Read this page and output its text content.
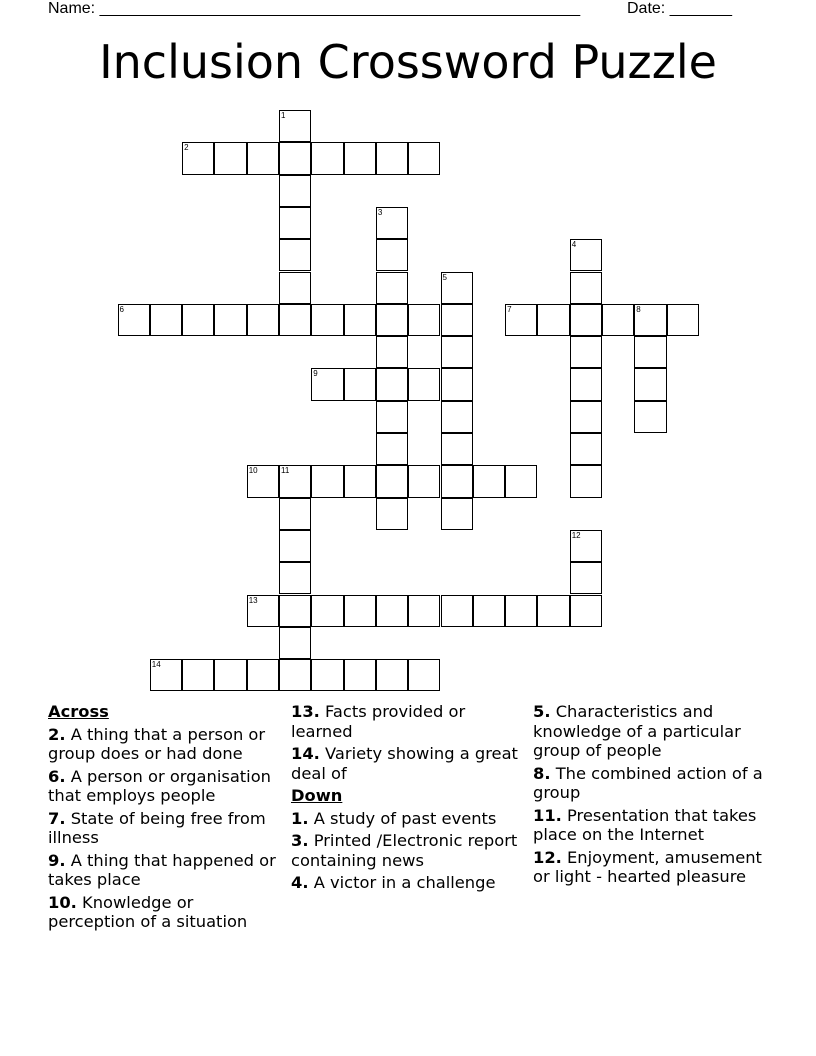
Name: ______________________________________________________	Date: _______
Inclusion Crossword Puzzle
1
2
3
4
5
6	7	8
9
10	11
12
13
14
Across
2. A thing that a person or group does or had done
6. A person or organisation that employs people
7. State of being free from illness
9. A thing that happened or takes place
10. Knowledge or perception of a situation
13. Facts provided or learned
14. Variety showing a great deal of
Down
1. A study of past events
3. Printed /Electronic report containing news
4. A victor in a challenge
5. Characteristics and knowledge of a particular group of people
8. The combined action of a group
11. Presentation that takes place on the Internet
12. Enjoyment, amusement or light - hearted pleasure
